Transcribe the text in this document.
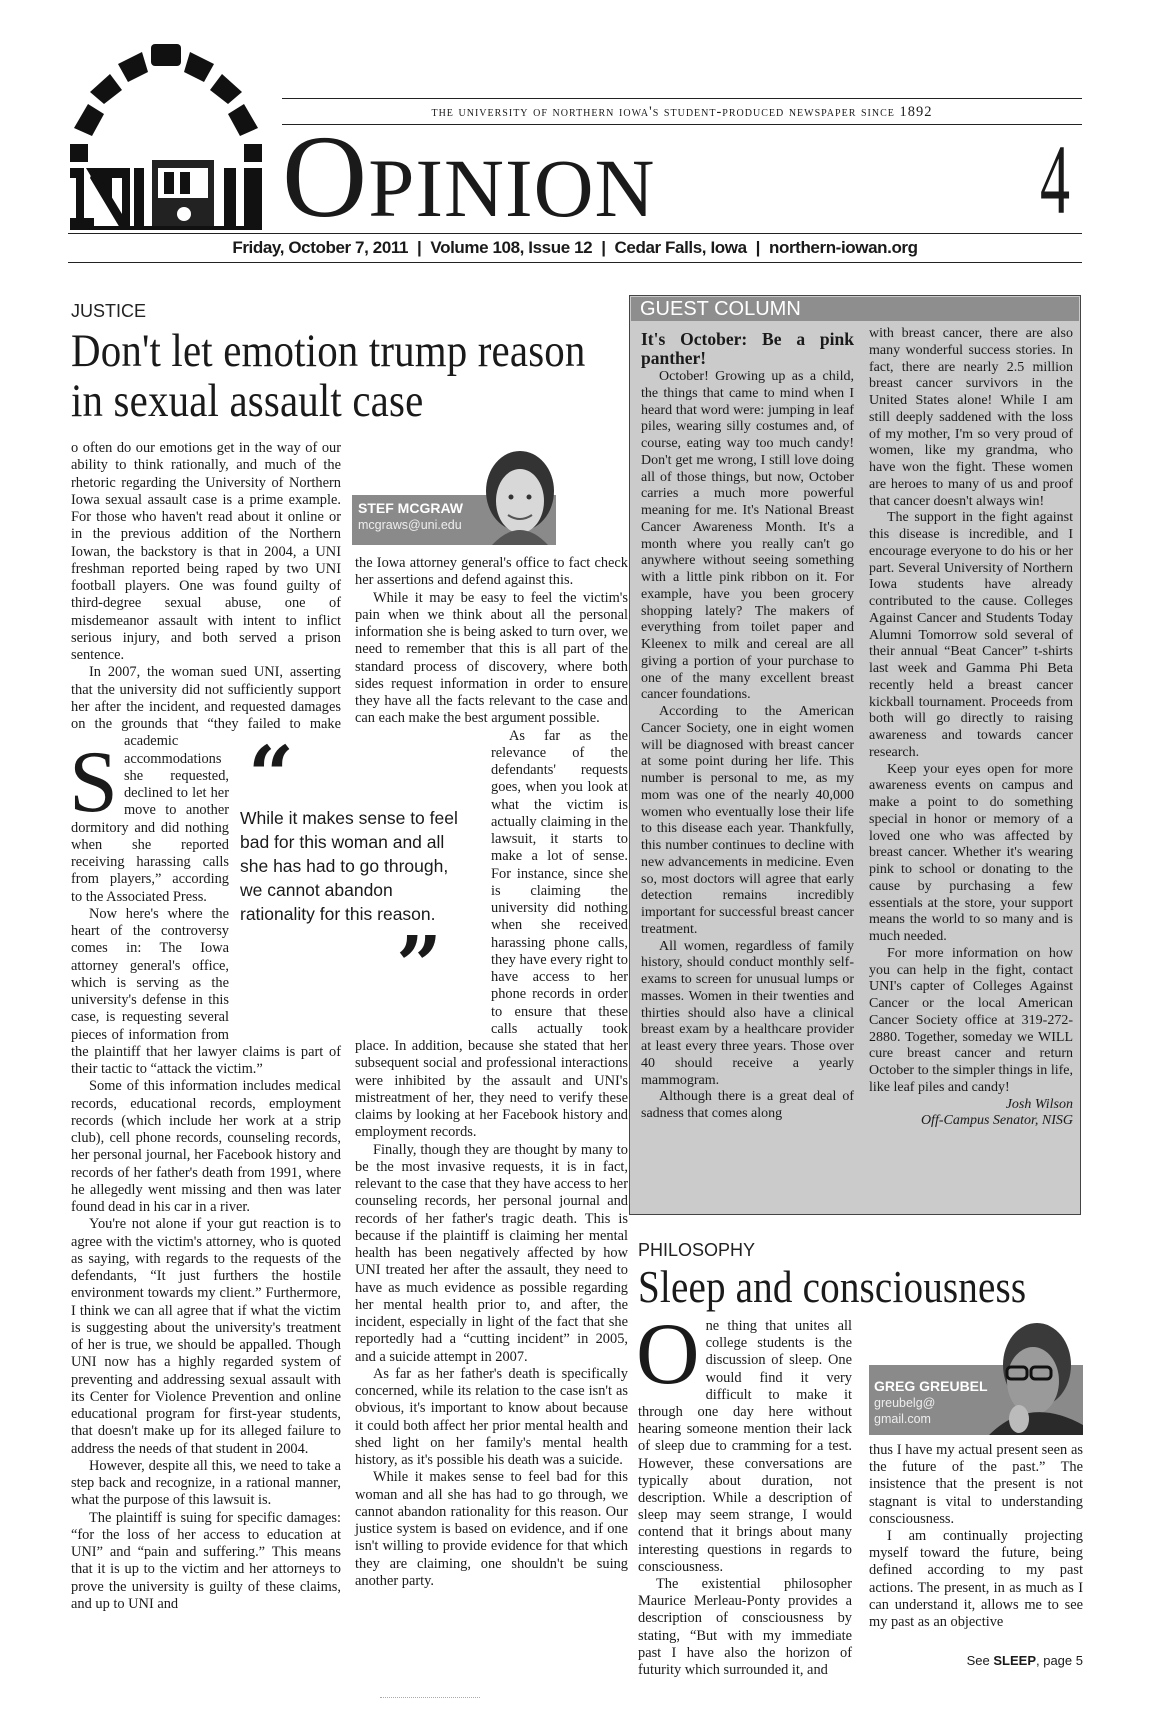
the university of northern iowa's student-produced newspaper since 1892
Opinion	4
Friday, October 7, 2011 | Volume 108, Issue 12 | Cedar Falls, Iowa | northern-iowan.org
JUSTICE
Don't let emotion trump reason in sexual assault case
S

o often do our emotions get in the way of our ability to think rationally, and much of the rhetoric regarding the University of Northern Iowa sexual assault case is a prime example. For those who haven't read about it online or in the previous addition of the Northern Iowan, the backstory is that in 2004, a UNI freshman reported being raped by two UNI football players. One was found guilty of third-degree sexual abuse, one of misdemeanor assault with intent to inflict serious injury, and both served a prison sentence.

In 2007, the woman sued UNI, asserting that the university did not sufficiently support her after the incident, and requested damages on the grounds that “they failed to make academic accommodations she requested, declined to let her move to another dormitory and did nothing when she reported receiving harassing calls from players,” according to the Associated Press.

Now here's where the heart of the controversy comes in: The Iowa attorney general's office, which is serving as the university's defense in this case, is requesting several pieces of information from the plaintiff that her lawyer claims is part of their tactic to “attack the victim.”

Some of this information includes medical records, educational records, employment records (which include her work at a strip club), cell phone records, counseling records, her personal journal, her Facebook history and records of her father's death from 1991, where he allegedly went missing and then was later found dead in his car in a river.

You're not alone if your gut reaction is to agree with the victim's attorney, who is quoted as saying, with regards to the requests of the defendants, “It just furthers the hostile environment towards my client.” Furthermore, I think we can all agree that if what the victim is suggesting about the university's treatment of her is true, we should be appalled. Though UNI now has a highly regarded system of preventing and addressing sexual assault with its Center for Violence Prevention and online educational program for first-year students, that doesn't make up for its alleged failure to address the needs of that student in 2004.

However, despite all this, we need to take a step back and recognize, in a rational manner, what the purpose of this lawsuit is.

The plaintiff is suing for specific damages: “for the loss of her access to education at UNI” and “pain and suffering.” This means that it is up to the victim and her attorneys to prove the university is guilty of these claims, and up to UNI and

the Iowa attorney general's office to fact check her assertions and defend against this.

While it may be easy to feel the victim's pain when we think about all the personal information she is being asked to turn over, we need to remember that this is all part of the standard process of discovery, where both sides request information in order to ensure they have all the facts relevant to the case and can each make the best argument possible.

As far as the relevance of the defendants' requests goes, when you look at what the victim is actually claiming in the lawsuit, it starts to make a lot of sense. For instance, since she is claiming the university did nothing when she received harassing phone calls, they have every right to have access to her phone records in order to ensure that these calls actually took place. In addition, because she stated that her subsequent social and professional interactions were inhibited by the assault and UNI's mistreatment of her, they need to verify these claims by looking at her Facebook history and employment records.

Finally, though they are thought by many to be the most invasive requests, it is in fact, relevant to the case that they have access to her counseling records, her personal journal and records of her father's tragic death. This is because if the plaintiff is claiming her mental health has been negatively affected by how UNI treated her after the assault, they need to have as much evidence as possible regarding her mental health prior to, and after, the incident, especially in light of the fact that she reportedly had a “cutting incident” in 2005, and a suicide attempt in 2007.

As far as her father's death is specifically concerned, while its relation to the case isn't as obvious, it's important to know about because it could both affect her prior mental health and shed light on her family's mental health history, as it's possible his death was a suicide.

While it makes sense to feel bad for this woman and all she has had to go through, we cannot abandon rationality for this reason. Our justice system is based on evidence, and if one isn't willing to provide evidence for that which they are claiming, one shouldn't be suing another party.

STEF MCGRAW
mcgraws@uni.edu
“
While it makes sense to feel bad for this woman and all she has had to go through, we cannot abandon rationality for this reason.
”
GUEST COLUMN
It's October: Be a pink panther!

October! Growing up as a child, the things that came to mind when I heard that word were: jumping in leaf piles, wearing silly costumes and, of course, eating way too much candy! Don't get me wrong, I still love doing all of those things, but now, October carries a much more powerful meaning for me. It's National Breast Cancer Awareness Month. It's a month where you really can't go anywhere without seeing something with a little pink ribbon on it. For example, have you been grocery shopping lately? The makers of everything from toilet paper and Kleenex to milk and cereal are all giving a portion of your purchase to one of the many excellent breast cancer foundations.

According to the American Cancer Society, one in eight women will be diagnosed with breast cancer at some point during her life. This number is personal to me, as my mom was one of the nearly 40,000 women who eventually lose their life to this disease each year. Thankfully, this number continues to decline with new advancements in medicine. Even so, most doctors will agree that early detection remains incredibly important for successful breast cancer treatment.

All women, regardless of family history, should conduct monthly self-exams to screen for unusual lumps or masses. Women in their twenties and thirties should also have a clinical breast exam by a healthcare provider at least every three years. Those over 40 should receive a yearly mammogram.

Although there is a great deal of sadness that comes along

with breast cancer, there are also many wonderful success stories. In fact, there are nearly 2.5 million breast cancer survivors in the United States alone! While I am still deeply saddened with the loss of my mother, I'm so very proud of women, like my grandma, who have won the fight. These women are heroes to many of us and proof that cancer doesn't always win!

The support in the fight against this disease is incredible, and I encourage everyone to do his or her part. Several University of Northern Iowa students have already contributed to the cause. Colleges Against Cancer and Students Today Alumni Tomorrow sold several of their annual “Beat Cancer” t-shirts last week and Gamma Phi Beta recently held a breast cancer kickball tournament. Proceeds from both will go directly to raising awareness and towards cancer research.

Keep your eyes open for more awareness events on campus and make a point to do something special in honor or memory of a loved one who was affected by breast cancer. Whether it's wearing pink to school or donating to the cause by purchasing a few essentials at the store, your support means the world to so many and is much needed.

For more information on how you can help in the fight, contact UNI's capter of Colleges Against Cancer or the local American Cancer Society office at 319-272-2880. Together, someday we WILL cure breast cancer and return October to the simpler things in life, like leaf piles and candy!

Josh Wilson

Off-Campus Senator, NISG

PHILOSOPHY
Sleep and consciousness
O ne thing that unites all college students is the discussion of sleep. One would find it very difficult to make it through one day here without hearing someone mention their lack of sleep due to cramming for a test. However, these conversations are typically about duration, not description. While a description of sleep may seem strange, I would contend that it brings about many interesting questions in regards to consciousness.

The existential philosopher Maurice Merleau-Ponty provides a description of consciousness by stating, “But with my immediate past I have also the horizon of futurity which surrounded it, and

GREG GREUBEL
greubelg@
gmail.com

thus I have my actual present seen as the future of the past.” The insistence that the present is not stagnant is vital to understanding consciousness.

I am continually projecting myself toward the future, being defined according to my past actions. The present, in as much as I can understand it, allows me to see my past as an objective

See SLEEP, page 5
